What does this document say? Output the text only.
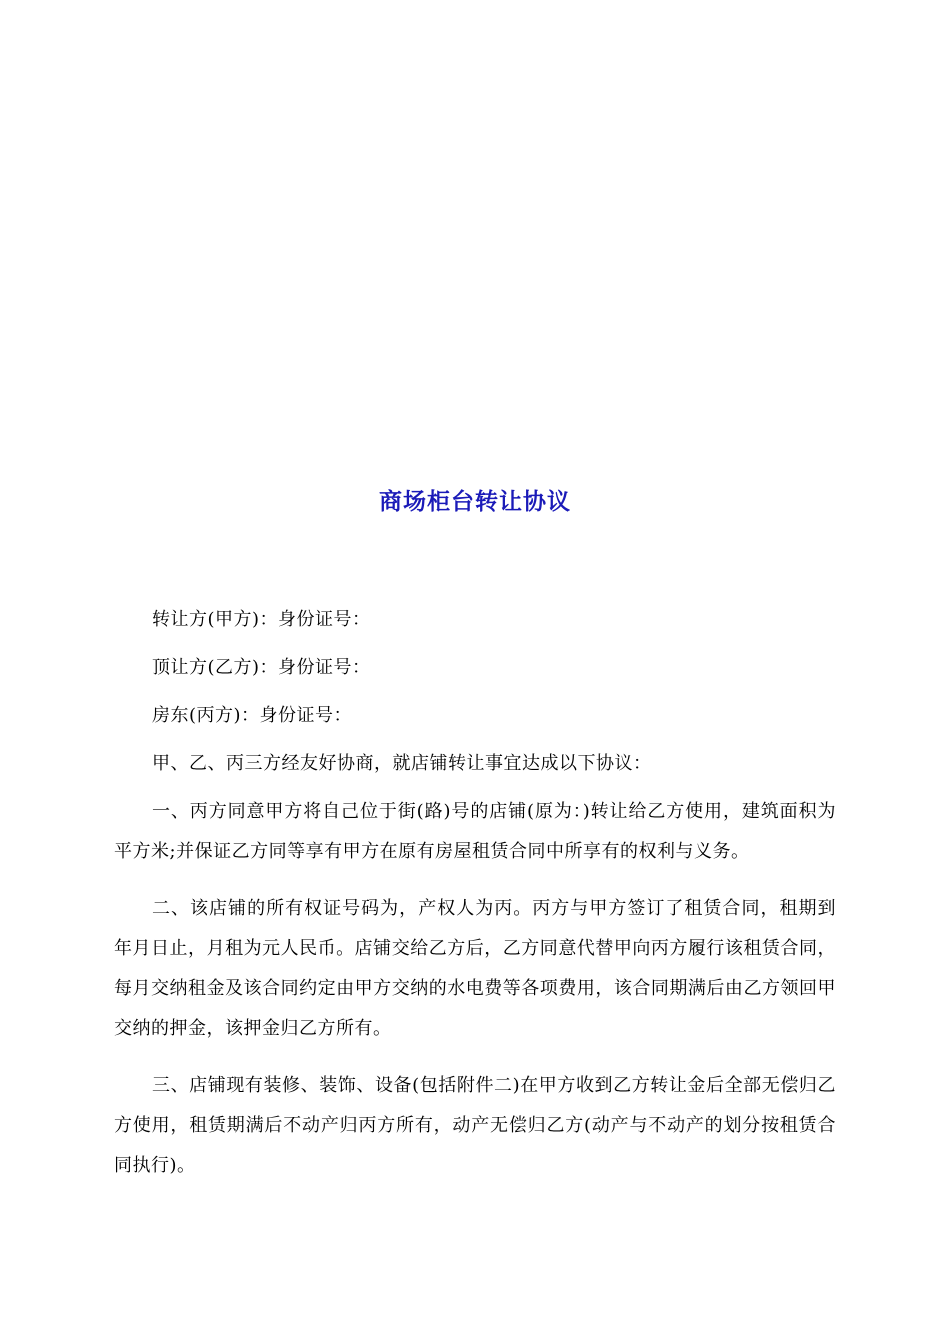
商场柜台转让协议

转让方(甲方)：身份证号：

顶让方(乙方)：身份证号：

房东(丙方)：身份证号：

甲、乙、丙三方经友好协商，就店铺转让事宜达成以下协议：

一、丙方同意甲方将自己位于街(路)号的店铺(原为：)转让给乙方使用，建筑面积为平方米;并保证乙方同等享有甲方在原有房屋租赁合同中所享有的权利与义务。

二、该店铺的所有权证号码为，产权人为丙。丙方与甲方签订了租赁合同，租期到年月日止，月租为元人民币。店铺交给乙方后，乙方同意代替甲向丙方履行该租赁合同，每月交纳租金及该合同约定由甲方交纳的水电费等各项费用，该合同期满后由乙方领回甲交纳的押金，该押金归乙方所有。

三、店铺现有装修、装饰、设备(包括附件二)在甲方收到乙方转让金后全部无偿归乙方使用，租赁期满后不动产归丙方所有，动产无偿归乙方(动产与不动产的划分按租赁合同执行)。
